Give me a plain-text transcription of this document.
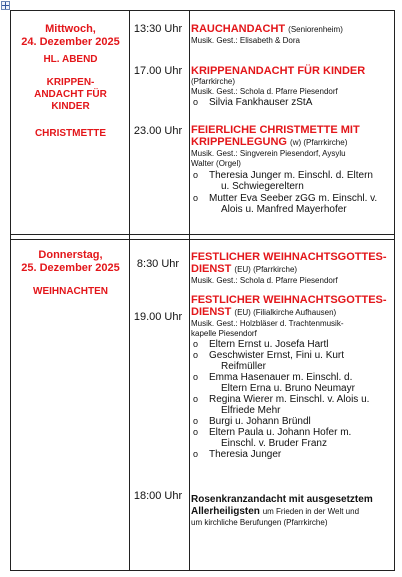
Mittwoch,
24. Dezember 2025
HL. ABEND
KRIPPEN-
ANDACHT FÜR
KINDER
CHRISTMETTE
13:30 Uhr RAUCHANDACHT (Seniorenheim)
Musik. Gest.: Elisabeth & Dora
17.00 Uhr KRIPPENANDACHT FÜR KINDER
(Pfarrkirche)
Musik. Gest.: Schola d. Pfarre Piesendorf
o Silvia Fankhauser zStA
23.00 Uhr FEIERLICHE CHRISTMETTE MIT
KRIPPENLEGUNG (w) (Pfarrkirche)
Musik. Gest.: Singverein Piesendorf, Aysylu
Walter (Orgel)
o Theresia Junger m. Einschl. d. Eltern
u. Schwiegereltern
o Mutter Eva Seeber zGG m. Einschl. v.
Alois u. Manfred Mayerhofer
Donnerstag,
25. Dezember 2025
WEIHNACHTEN
8:30 Uhr
FESTLICHER WEIHNACHTSGOTTES-
DIENST (EU) (Pfarrkirche)
Musik. Gest.: Schola d. Pfarre Piesendorf
19.00 Uhr
FESTLICHER WEIHNACHTSGOTTES-
DIENST (EU) (Filialkirche Aufhausen)
Musik. Gest.: Holzbläser d. Trachtenmusik-
kapelle Piesendorf
o Eltern Ernst u. Josefa Hartl
o Geschwister Ernst, Fini u. Kurt
Reifmüller
o Emma Hasenauer m. Einschl. d.
Eltern Erna u. Bruno Neumayr
o Regina Wierer m. Einschl. v. Alois u.
Elfriede Mehr
o Burgi u. Johann Bründl
o Eltern Paula u. Johann Hofer m.
Einschl. v. Bruder Franz
o Theresia Junger
18:00 Uhr Rosenkranzandacht mit ausgesetztem
Allerheiligsten um Frieden in der Welt und
um kirchliche Berufungen (Pfarrkirche)
